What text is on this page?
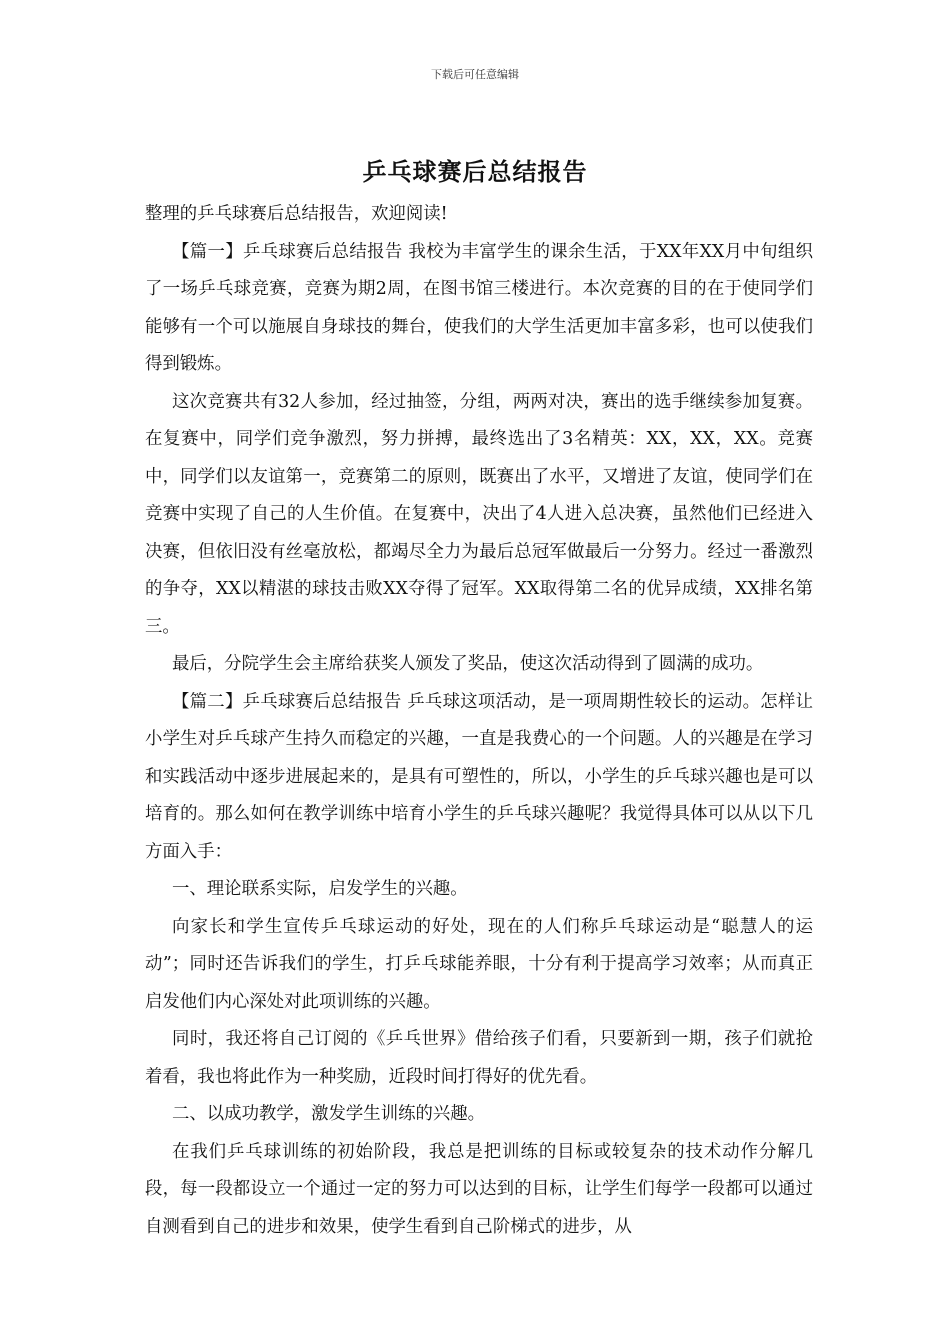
下载后可任意编辑
乒乓球赛后总结报告

整理的乒乓球赛后总结报告，欢迎阅读!

【篇一】乒乓球赛后总结报告 我校为丰富学生的课余生活，于XX年XX月中旬组织了一场乒乓球竞赛，竞赛为期2周，在图书馆三楼进行。本次竞赛的目的在于使同学们能够有一个可以施展自身球技的舞台，使我们的大学生活更加丰富多彩，也可以使我们得到锻炼。

这次竞赛共有32人参加，经过抽签，分组，两两对决，赛出的选手继续参加复赛。在复赛中，同学们竞争激烈，努力拼搏，最终选出了3名精英：XX，XX，XX。竞赛中，同学们以友谊第一，竞赛第二的原则，既赛出了水平，又增进了友谊，使同学们在竞赛中实现了自己的人生价值。在复赛中，决出了4人进入总决赛，虽然他们已经进入决赛，但依旧没有丝毫放松，都竭尽全力为最后总冠军做最后一分努力。经过一番激烈的争夺，XX以精湛的球技击败XX夺得了冠军。XX取得第二名的优异成绩，XX排名第三。

最后，分院学生会主席给获奖人颁发了奖品，使这次活动得到了圆满的成功。

【篇二】乒乓球赛后总结报告 乒乓球这项活动，是一项周期性较长的运动。怎样让小学生对乒乓球产生持久而稳定的兴趣，一直是我费心的一个问题。人的兴趣是在学习和实践活动中逐步进展起来的，是具有可塑性的，所以，小学生的乒乓球兴趣也是可以培育的。那么如何在教学训练中培育小学生的乒乓球兴趣呢？我觉得具体可以从以下几方面入手：

一、理论联系实际，启发学生的兴趣。

向家长和学生宣传乒乓球运动的好处，现在的人们称乒乓球运动是“聪慧人的运动”；同时还告诉我们的学生，打乒乓球能养眼，十分有利于提高学习效率；从而真正启发他们内心深处对此项训练的兴趣。

同时，我还将自己订阅的《乒乓世界》借给孩子们看，只要新到一期，孩子们就抢着看，我也将此作为一种奖励，近段时间打得好的优先看。

二、以成功教学，激发学生训练的兴趣。

在我们乒乓球训练的初始阶段，我总是把训练的目标或较复杂的技术动作分解几段，每一段都设立一个通过一定的努力可以达到的目标，让学生们每学一段都可以通过自测看到自己的进步和效果，使学生看到自己阶梯式的进步，从
